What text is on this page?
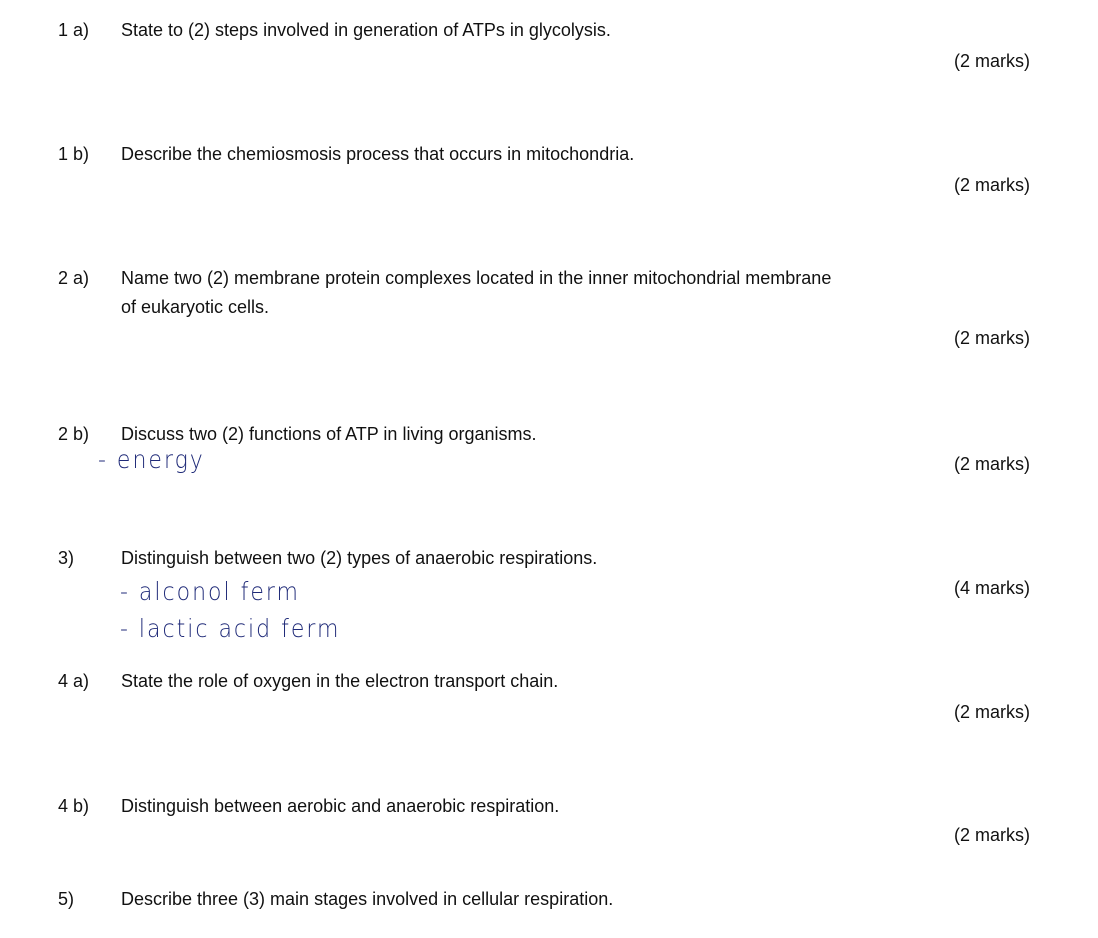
1 a) State to (2) steps involved in generation of ATPs in glycolysis.
(2 marks)
1 b) Describe the chemiosmosis process that occurs in mitochondria.
(2 marks)
2 a) Name two (2) membrane protein complexes located in the inner mitochondrial membrane
of eukaryotic cells.
(2 marks)
2 b) Discuss two (2) functions of ATP in living organisms.
- energy	(2 marks)
3)	Distinguish between two (2) types of anaerobic respirations.
- alconol ferm	(4 marks)
- lactic acid ferm
4 a) State the role of oxygen in the electron transport chain.
(2 marks)
4 b) Distinguish between aerobic and anaerobic respiration.
(2 marks)
5)	Describe three (3) main stages involved in cellular respiration.
